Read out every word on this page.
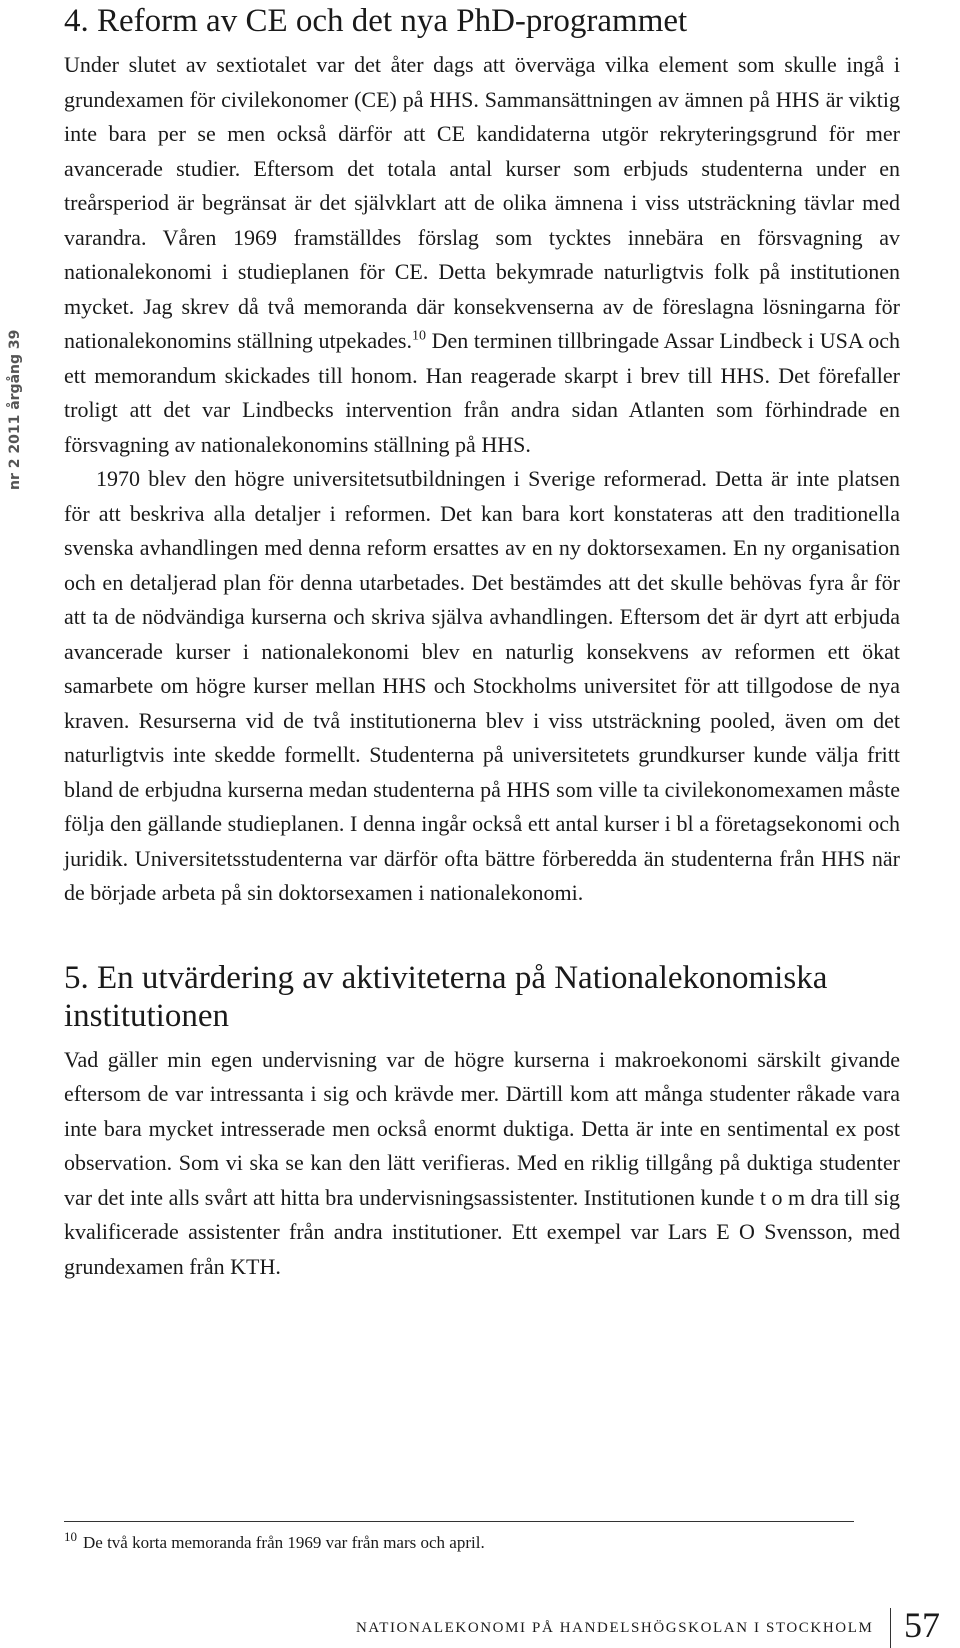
nr 2 2011 årgång 39
4. Reform av CE och det nya PhD-programmet

Under slutet av sextiotalet var det åter dags att överväga vilka element som skulle ingå i grundexamen för civilekonomer (CE) på HHS. Sammansättningen av ämnen på HHS är viktig inte bara per se men också därför att CE kandidaterna utgör rekryteringsgrund för mer avancerade studier. Eftersom det totala antal kurser som erbjuds studenterna under en treårsperiod är begränsat är det självklart att de olika ämnena i viss utsträckning tävlar med varandra. Våren 1969 framställdes förslag som tycktes innebära en försvagning av nationalekonomi i studieplanen för CE. Detta bekymrade naturligtvis folk på institutionen mycket. Jag skrev då två memoranda där konsekvenserna av de föreslagna lösningarna för nationalekonomins ställning utpekades.$^{10}$ Den terminen tillbringade Assar Lindbeck i USA och ett memorandum skickades till honom. Han reagerade skarpt i brev till HHS. Det förefaller troligt att det var Lindbecks intervention från andra sidan Atlanten som förhindrade en försvagning av nationalekonomins ställning på HHS.

1970 blev den högre universitetsutbildningen i Sverige reformerad. Detta är inte platsen för att beskriva alla detaljer i reformen. Det kan bara kort konstateras att den traditionella svenska avhandlingen med denna reform ersattes av en ny doktorsexamen. En ny organisation och en detaljerad plan för denna utarbetades. Det bestämdes att det skulle behövas fyra år för att ta de nödvändiga kurserna och skriva själva avhandlingen. Eftersom det är dyrt att erbjuda avancerade kurser i nationalekonomi blev en naturlig konsekvens av reformen ett ökat samarbete om högre kurser mellan HHS och Stockholms universitet för att tillgodose de nya kraven. Resurserna vid de två institutionerna blev i viss utsträckning pooled, även om det naturligtvis inte skedde formellt. Studenterna på universitetets grundkurser kunde välja fritt bland de erbjudna kurserna medan studenterna på HHS som ville ta civilekonomexamen måste följa den gällande studieplanen. I denna ingår också ett antal kurser i bl a företagsekonomi och juridik. Universitetsstudenterna var därför ofta bättre förberedda än studenterna från HHS när de började arbeta på sin doktorsexamen i nationalekonomi.

5. En utvärdering av aktiviteterna på Nationalekonomiska institutionen

Vad gäller min egen undervisning var de högre kurserna i makroekonomi särskilt givande eftersom de var intressanta i sig och krävde mer. Därtill kom att många studenter råkade vara inte bara mycket intresserade men också enormt duktiga. Detta är inte en sentimental ex post observation. Som vi ska se kan den lätt verifieras. Med en riklig tillgång på duktiga studenter var det inte alls svårt att hitta bra undervisningsassistenter. Institutionen kunde t o m dra till sig kvalificerade assistenter från andra institutioner. Ett exempel var Lars E O Svensson, med grundexamen från KTH.

$^{10}$ De två korta memoranda från 1969 var från mars och april.
NATIONALEKONOMI PÅ HANDELSHÖGSKOLAN I STOCKHOLM 57
